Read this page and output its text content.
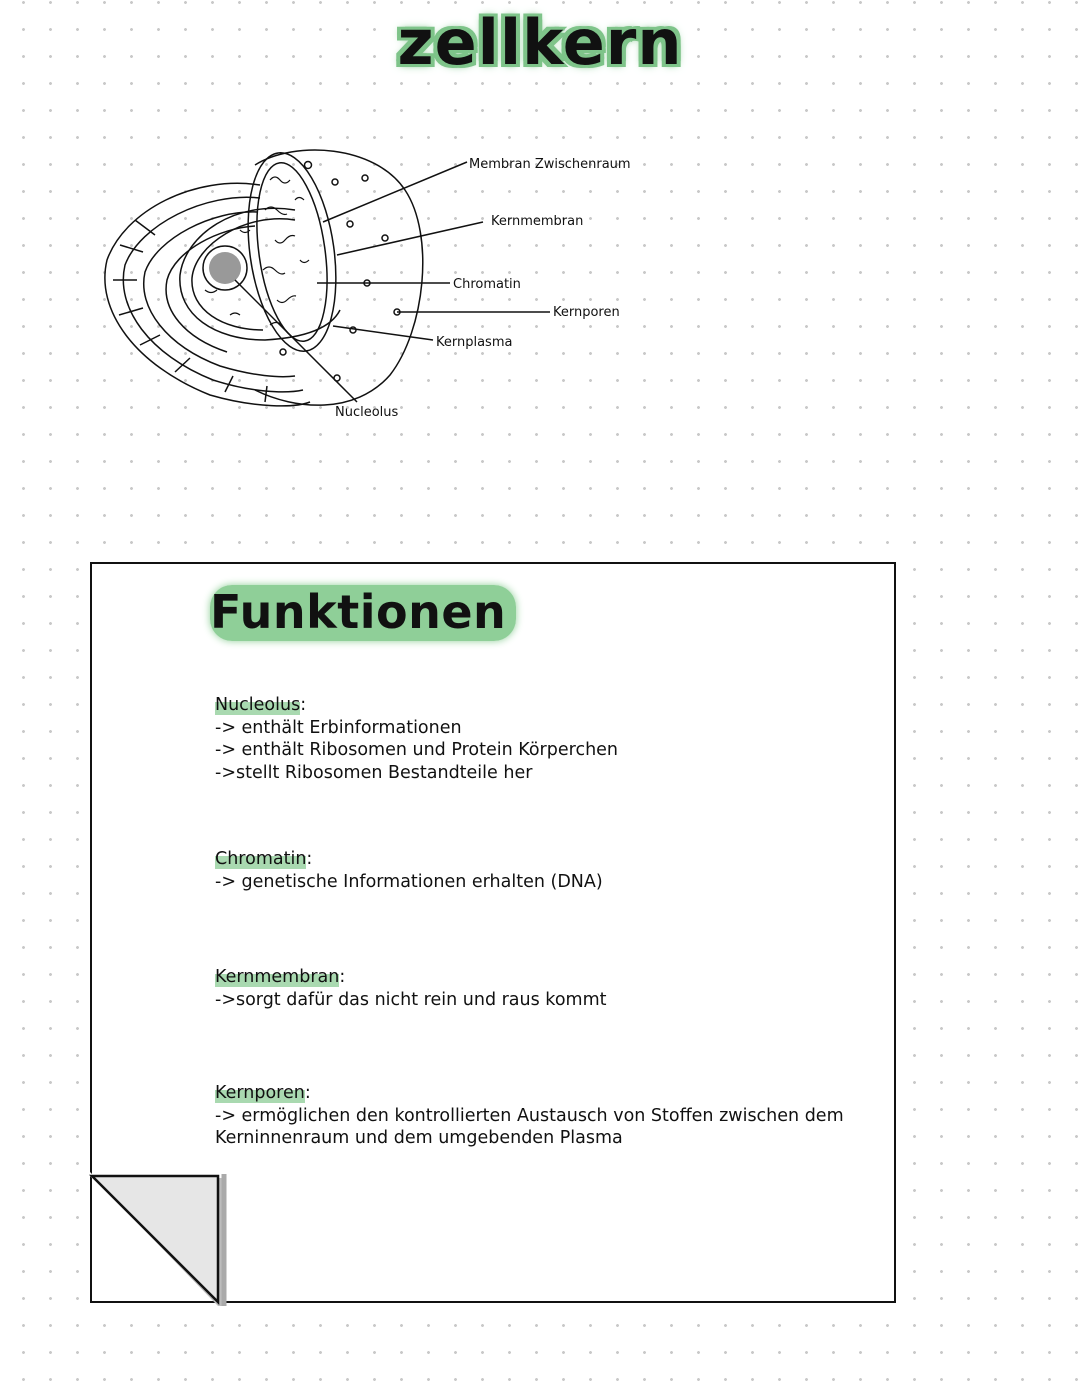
zellkern
Membran Zwischenraum
Kernmembran
Chromatin
Kernporen
Kernplasma
Nucleolus
Funktionen
Nucleolus:
-> enthält Erbinformationen
-> enthält Ribosomen und Protein Körperchen
->stellt Ribosomen Bestandteile her
Chromatin:
-> genetische Informationen erhalten (DNA)
Kernmembran:
->sorgt dafür das nicht rein und raus kommt
Kernporen:
-> ermöglichen den kontrollierten Austausch von Stoffen zwischen dem
Kerninnenraum und dem umgebenden Plasma
